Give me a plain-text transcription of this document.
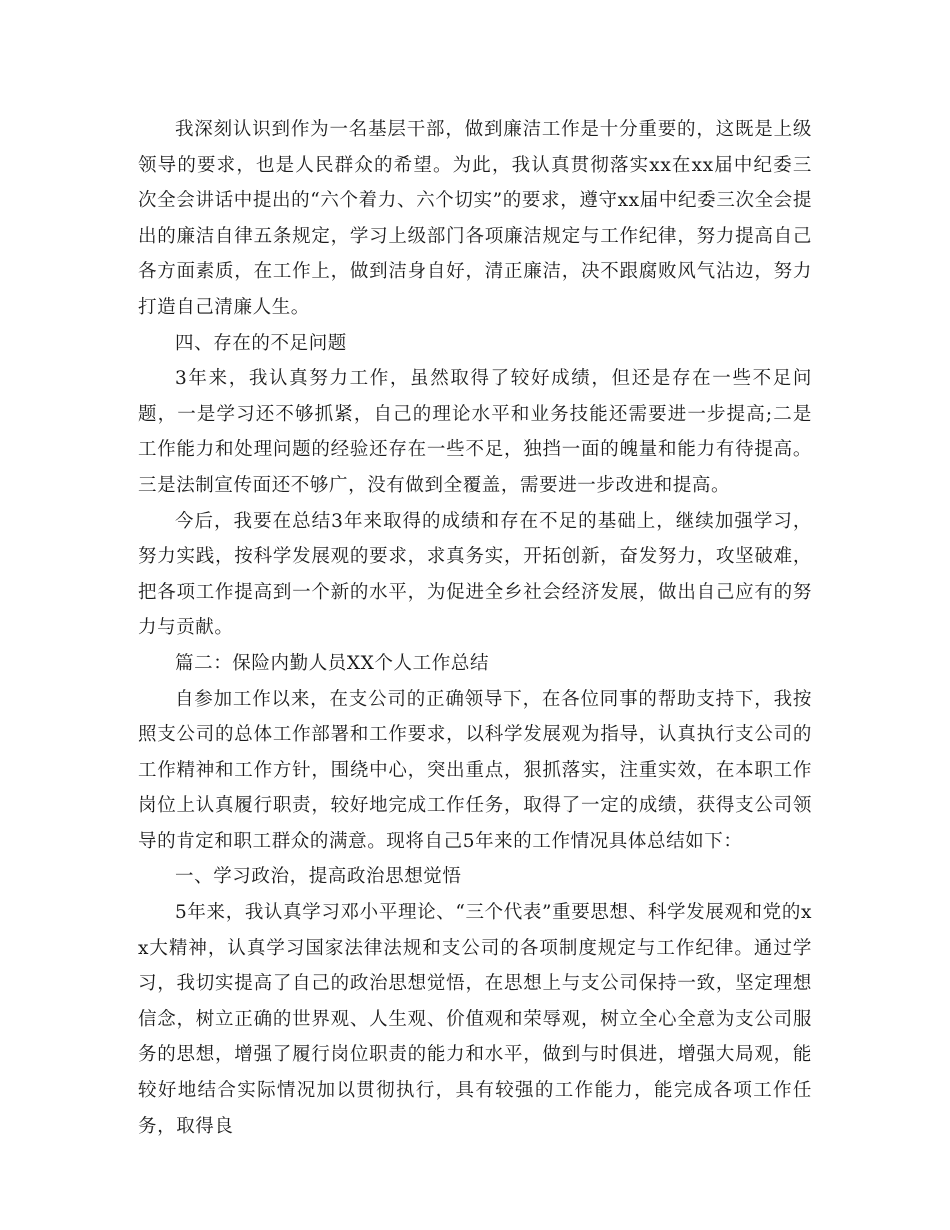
我深刻认识到作为一名基层干部，做到廉洁工作是十分重要的，这既是上级领导的要求，也是人民群众的希望。为此，我认真贯彻落实xx在xx届中纪委三次全会讲话中提出的“六个着力、六个切实”的要求，遵守xx届中纪委三次全会提出的廉洁自律五条规定，学习上级部门各项廉洁规定与工作纪律，努力提高自己各方面素质，在工作上，做到洁身自好，清正廉洁，决不跟腐败风气沾边，努力打造自己清廉人生。

四、存在的不足问题

3年来，我认真努力工作，虽然取得了较好成绩，但还是存在一些不足问题，一是学习还不够抓紧，自己的理论水平和业务技能还需要进一步提高;二是工作能力和处理问题的经验还存在一些不足，独挡一面的魄量和能力有待提高。三是法制宣传面还不够广，没有做到全覆盖，需要进一步改进和提高。

今后，我要在总结3年来取得的成绩和存在不足的基础上，继续加强学习，努力实践，按科学发展观的要求，求真务实，开拓创新，奋发努力，攻坚破难，把各项工作提高到一个新的水平，为促进全乡社会经济发展，做出自己应有的努力与贡献。

篇二：保险内勤人员XX个人工作总结

自参加工作以来，在支公司的正确领导下，在各位同事的帮助支持下，我按照支公司的总体工作部署和工作要求，以科学发展观为指导，认真执行支公司的工作精神和工作方针，围绕中心，突出重点，狠抓落实，注重实效，在本职工作岗位上认真履行职责，较好地完成工作任务，取得了一定的成绩，获得支公司领导的肯定和职工群众的满意。现将自己5年来的工作情况具体总结如下：

一、学习政治，提高政治思想觉悟

5年来，我认真学习邓小平理论、“三个代表”重要思想、科学发展观和党的xx大精神，认真学习国家法律法规和支公司的各项制度规定与工作纪律。通过学习，我切实提高了自己的政治思想觉悟，在思想上与支公司保持一致，坚定理想信念，树立正确的世界观、人生观、价值观和荣辱观，树立全心全意为支公司服务的思想，增强了履行岗位职责的能力和水平，做到与时俱进，增强大局观，能较好地结合实际情况加以贯彻执行，具有较强的工作能力，能完成各项工作任务，取得良
